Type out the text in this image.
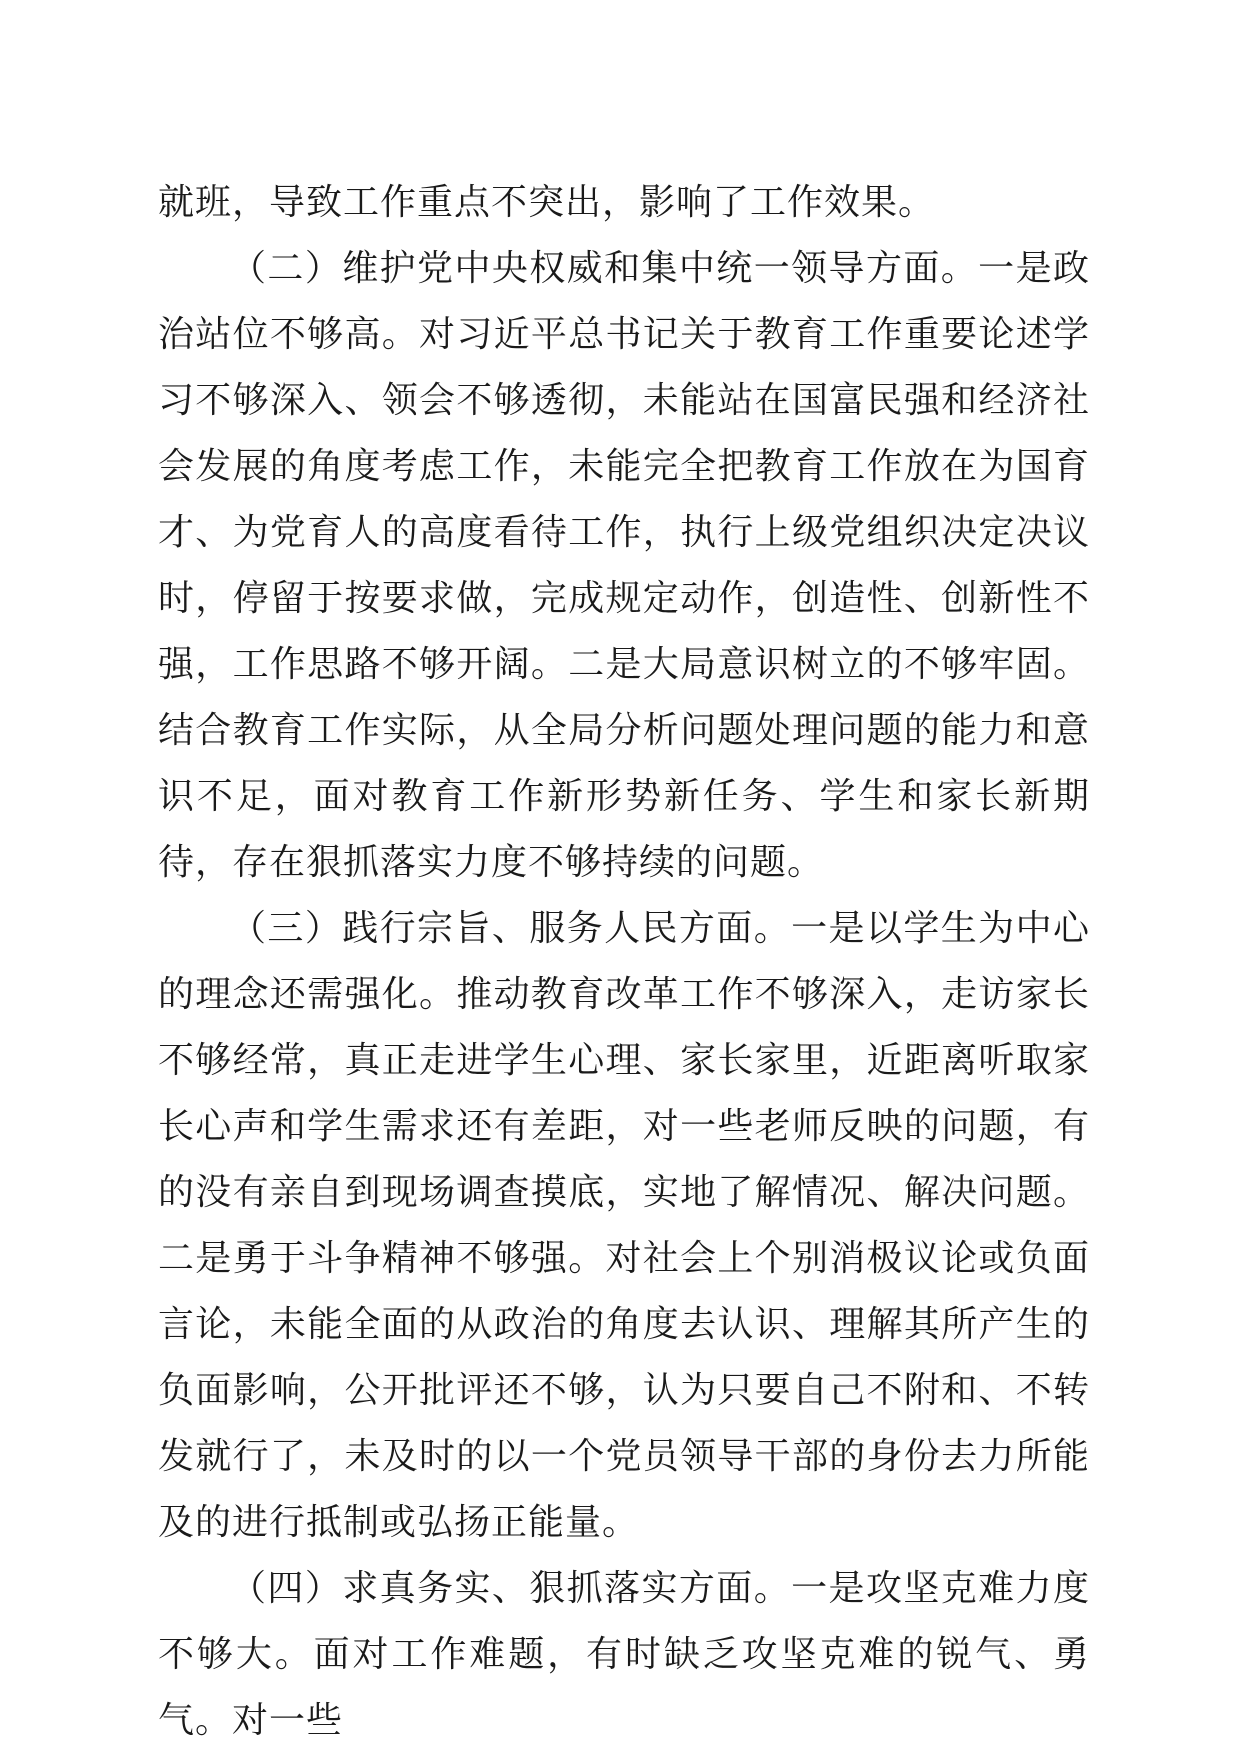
就班，导致工作重点不突出，影响了工作效果。

（二）维护党中央权威和集中统一领导方面。一是政治站位不够高。对习近平总书记关于教育工作重要论述学习不够深入、领会不够透彻，未能站在国富民强和经济社会发展的角度考虑工作，未能完全把教育工作放在为国育才、为党育人的高度看待工作，执行上级党组织决定决议时，停留于按要求做，完成规定动作，创造性、创新性不强，工作思路不够开阔。二是大局意识树立的不够牢固。结合教育工作实际，从全局分析问题处理问题的能力和意识不足，面对教育工作新形势新任务、学生和家长新期待，存在狠抓落实力度不够持续的问题。

（三）践行宗旨、服务人民方面。一是以学生为中心的理念还需强化。推动教育改革工作不够深入，走访家长不够经常，真正走进学生心理、家长家里，近距离听取家长心声和学生需求还有差距，对一些老师反映的问题，有的没有亲自到现场调查摸底，实地了解情况、解决问题。二是勇于斗争精神不够强。对社会上个别消极议论或负面言论，未能全面的从政治的角度去认识、理解其所产生的负面影响，公开批评还不够，认为只要自己不附和、不转发就行了，未及时的以一个党员领导干部的身份去力所能及的进行抵制或弘扬正能量。

（四）求真务实、狠抓落实方面。一是攻坚克难力度不够大。面对工作难题，有时缺乏攻坚克难的锐气、勇气。对一些
